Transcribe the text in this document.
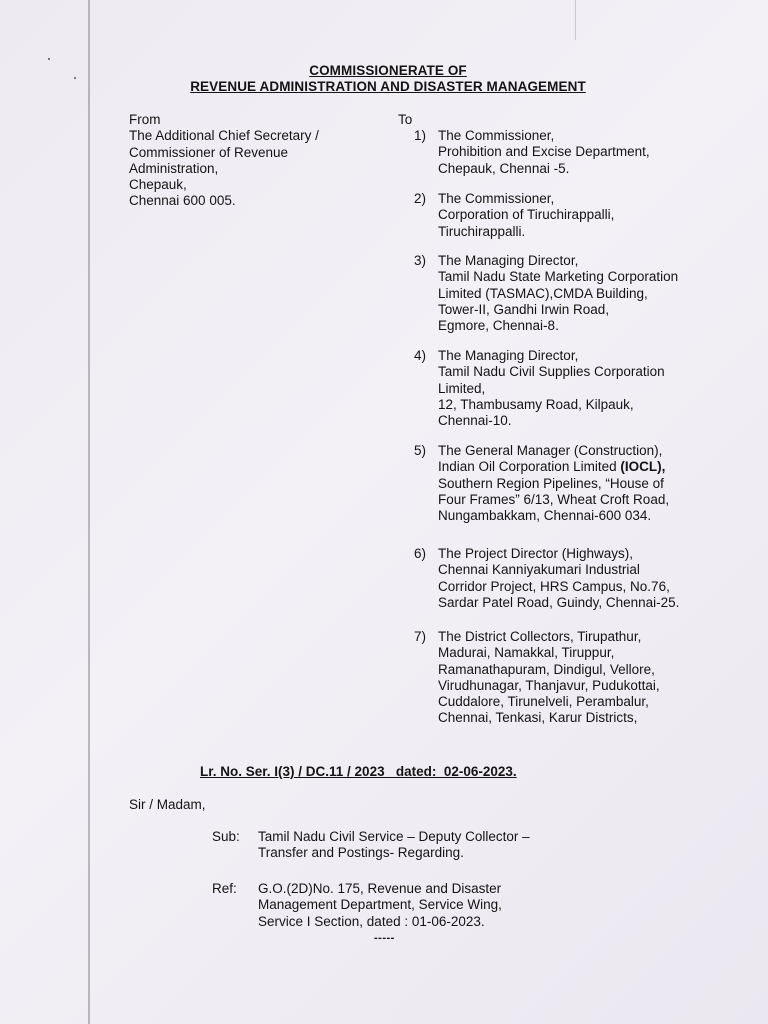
COMMISSIONERATE OF
REVENUE ADMINISTRATION AND DISASTER MANAGEMENT
From
The Additional Chief Secretary /
Commissioner of Revenue
Administration,
Chepauk,
Chennai 600 005.
To
1) The Commissioner,
Prohibition and Excise Department,
Chepauk, Chennai -5.
2) The Commissioner,
Corporation of Tiruchirappalli,
Tiruchirappalli.
3) The Managing Director,
Tamil Nadu State Marketing Corporation
Limited (TASMAC),CMDA Building,
Tower-II, Gandhi Irwin Road,
Egmore, Chennai-8.
4) The Managing Director,
Tamil Nadu Civil Supplies Corporation
Limited,
12, Thambusamy Road, Kilpauk,
Chennai-10.
5) The General Manager (Construction),
Indian Oil Corporation Limited (IOCL),
Southern Region Pipelines, “House of
Four Frames” 6/13, Wheat Croft Road,
Nungambakkam, Chennai-600 034.
6) The Project Director (Highways),
Chennai Kanniyakumari Industrial
Corridor Project, HRS Campus, No.76,
Sardar Patel Road, Guindy, Chennai-25.
7) The District Collectors, Tirupathur,
Madurai, Namakkal, Tiruppur,
Ramanathapuram, Dindigul, Vellore,
Virudhunagar, Thanjavur, Pudukottai,
Cuddalore, Tirunelveli, Perambalur,
Chennai, Tenkasi, Karur Districts,
Lr. No. Ser. I(3) / DC.11 / 2023   dated:  02-06-2023.
Sir / Madam,
Sub: Tamil Nadu Civil Service – Deputy Collector –
Transfer and Postings- Regarding.
Ref: G.O.(2D)No. 175, Revenue and Disaster
Management Department, Service Wing,
Service I Section, dated : 01-06-2023.
-----
